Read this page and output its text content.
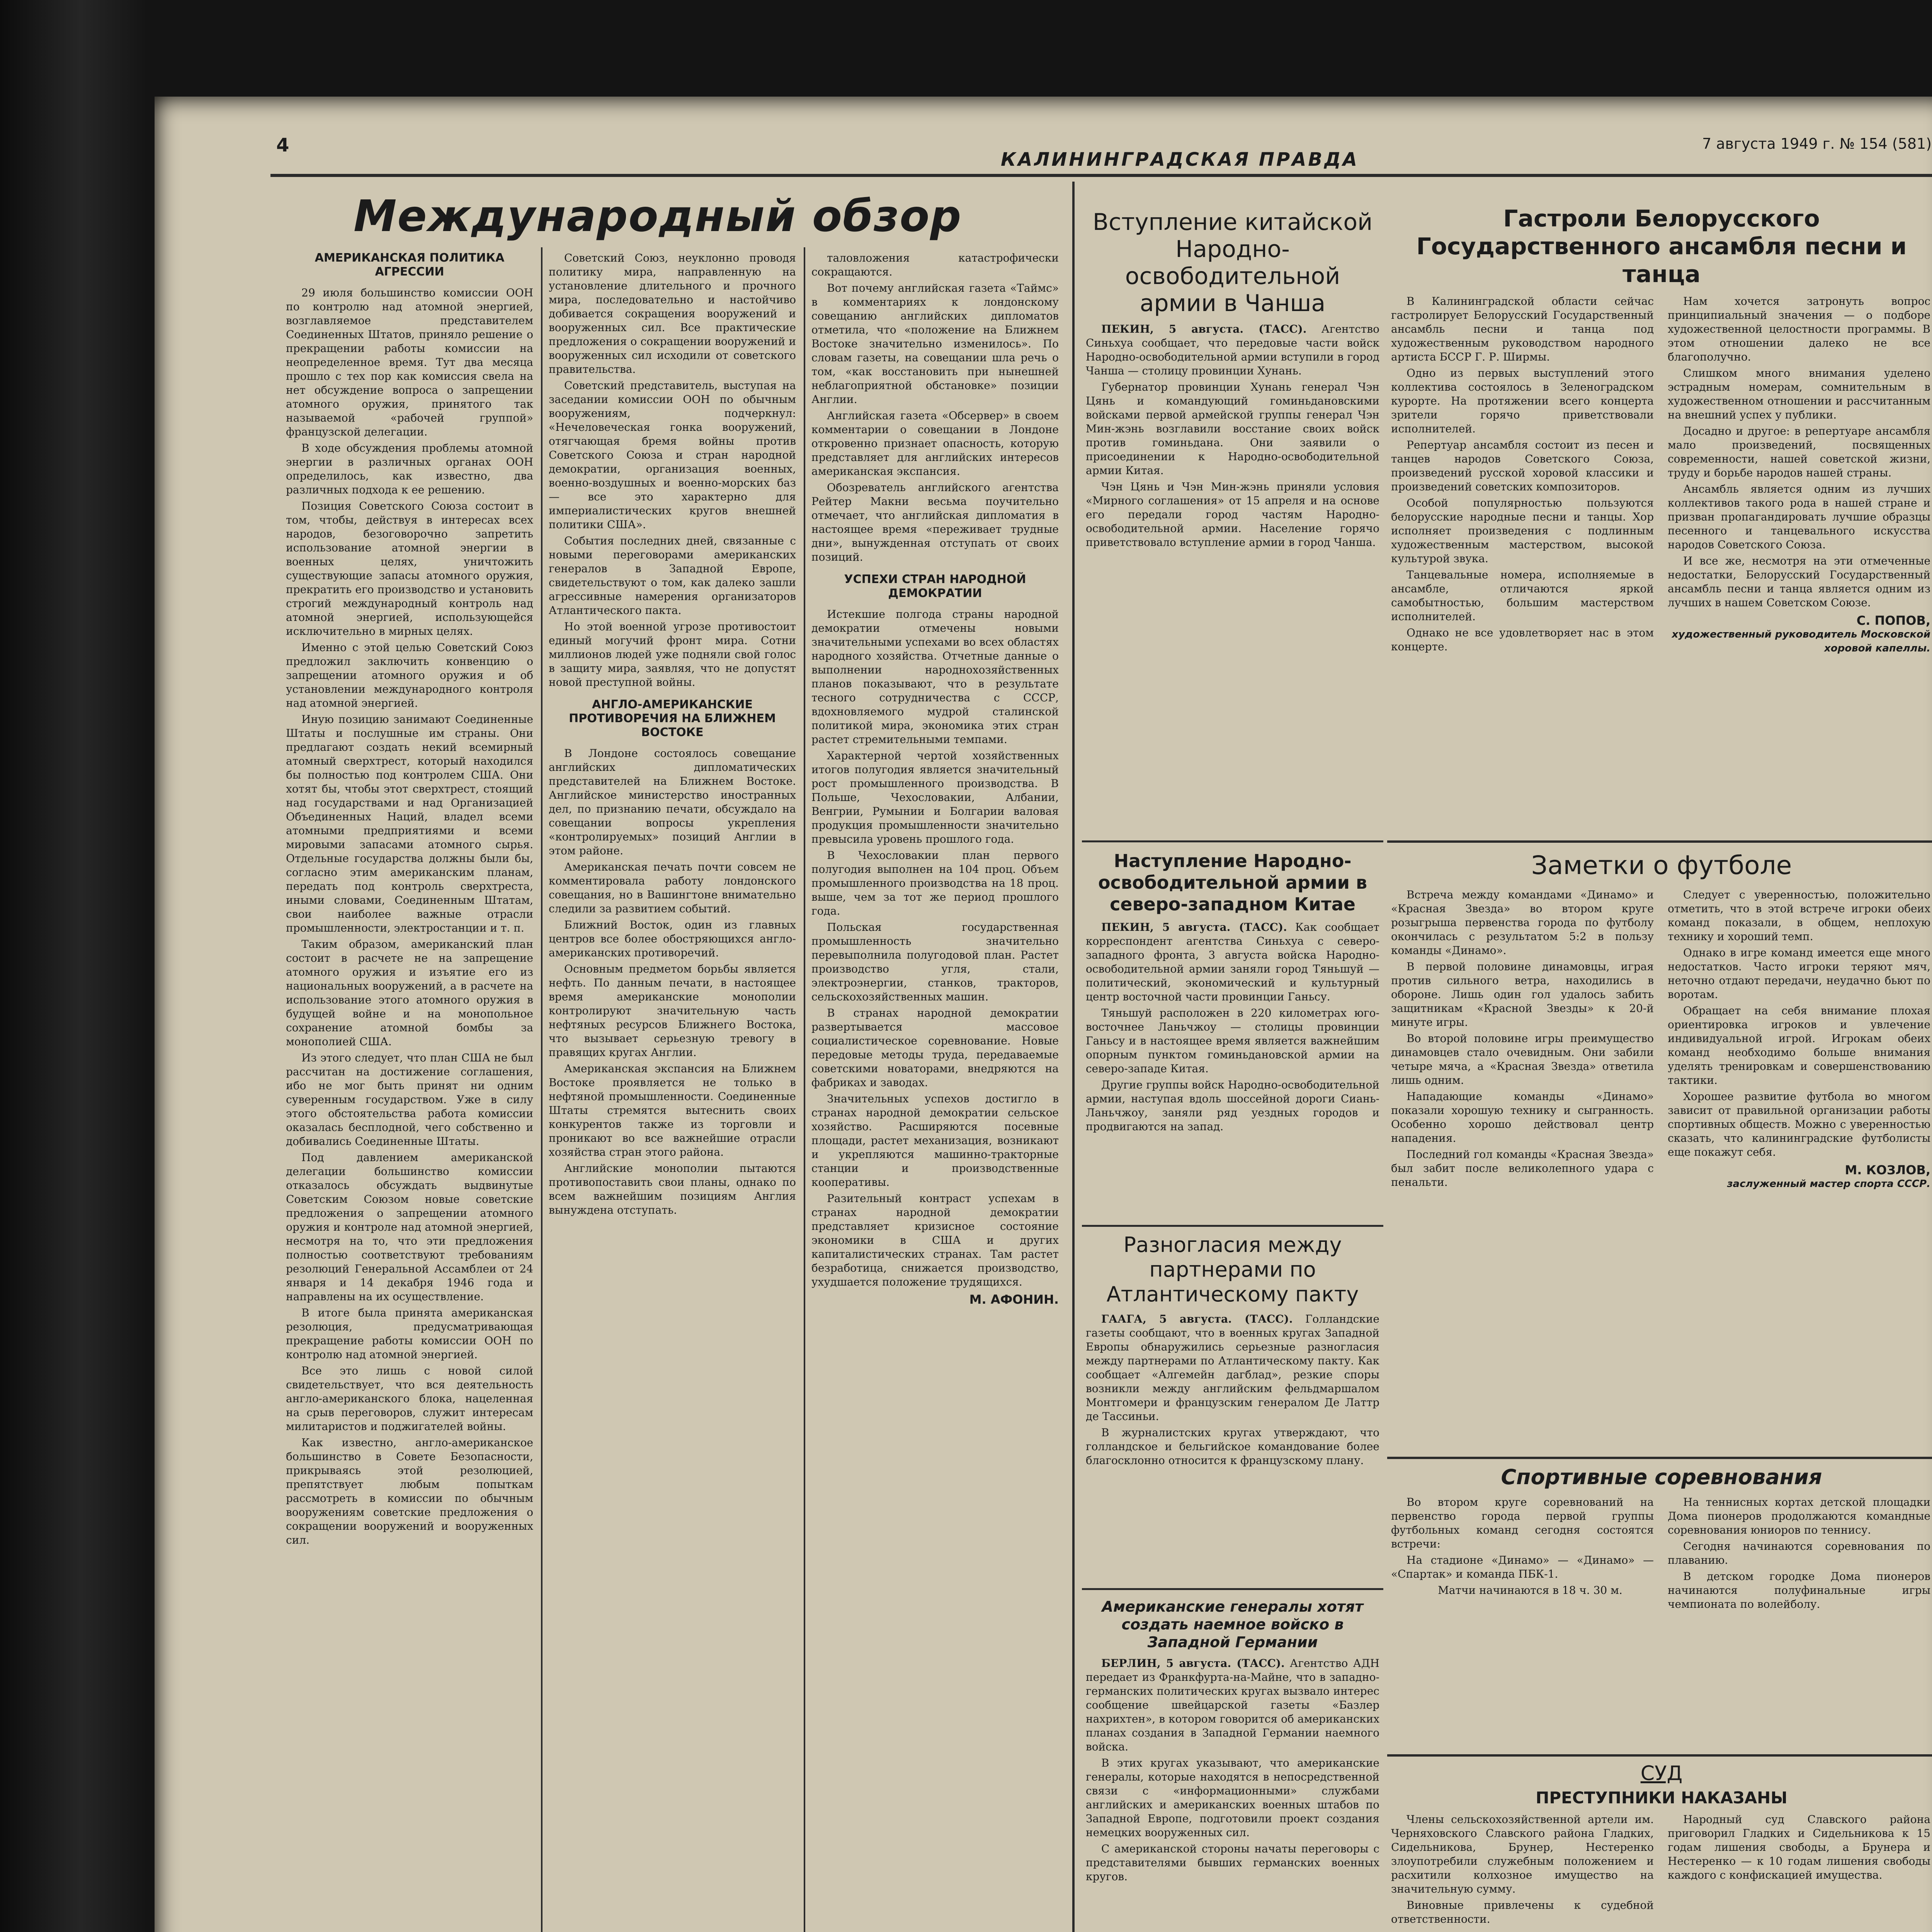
4
КАЛИНИНГРАДСКАЯ ПРАВДА
7 августа 1949 г. № 154 (581)
Международный обзор
АМЕРИКАНСКАЯ ПОЛИТИКА АГРЕССИИ

29 июля большинство комиссии ООН по контролю над атомной энергией, возглавляемое представителем Соединенных Штатов, приняло решение о прекращении работы комиссии на неопределенное время. Тут два месяца прошло с тех пор как комиссия свела на нет обсуждение вопроса о запрещении атомного оружия, принятого так называемой «рабочей группой» французской делегации.

В ходе обсуждения проблемы атомной энергии в различных органах ООН определилось, как известно, два различных подхода к ее решению.

Позиция Советского Союза состоит в том, чтобы, действуя в интересах всех народов, безоговорочно запретить использование атомной энергии в военных целях, уничтожить существующие запасы атомного оружия, прекратить его производство и установить строгий международный контроль над атомной энергией, использующейся исключительно в мирных целях.

Именно с этой целью Советский Союз предложил заключить конвенцию о запрещении атомного оружия и об установлении международного контроля над атомной энергией.

Иную позицию занимают Соединенные Штаты и послушные им страны. Они предлагают создать некий всемирный атомный сверхтрест, который находился бы полностью под контролем США. Они хотят бы, чтобы этот сверхтрест, стоящий над государствами и над Организацией Объединенных Наций, владел всеми атомными предприятиями и всеми мировыми запасами атомного сырья. Отдельные государства должны были бы, согласно этим американским планам, передать под контроль сверхтреста, иными словами, Соединенным Штатам, свои наиболее важные отрасли промышленности, электростанции и т. п.

Таким образом, американский план состоит в расчете не на запрещение атомного оружия и изъятие его из национальных вооружений, а в расчете на использование этого атомного оружия в будущей войне и на монопольное сохранение атомной бомбы за монополией США.

Из этого следует, что план США не был рассчитан на достижение соглашения, ибо не мог быть принят ни одним суверенным государством. Уже в силу этого обстоятельства работа комиссии оказалась бесплодной, чего собственно и добивались Соединенные Штаты.

Под давлением американской делегации большинство комиссии отказалось обсуждать выдвинутые Советским Союзом новые советские предложения о запрещении атомного оружия и контроле над атомной энергией, несмотря на то, что эти предложения полностью соответствуют требованиям резолюций Генеральной Ассамблеи от 24 января и 14 декабря 1946 года и направлены на их осуществление.

В итоге была принята американская резолюция, предусматривающая прекращение работы комиссии ООН по контролю над атомной энергией.

Все это лишь с новой силой свидетельствует, что вся деятельность англо-американского блока, нацеленная на срыв переговоров, служит интересам милитаристов и поджигателей войны.

Как известно, англо-американское большинство в Совете Безопасности, прикрываясь этой резолюцией, препятствует любым попыткам рассмотреть в комиссии по обычным вооружениям советские предложения о сокращении вооружений и вооруженных сил.

Советский Союз, неуклонно проводя политику мира, направленную на установление длительного и прочного мира, последовательно и настойчиво добивается сокращения вооружений и вооруженных сил. Все практические предложения о сокращении вооружений и вооруженных сил исходили от советского правительства.

Советский представитель, выступая на заседании комиссии ООН по обычным вооружениям, подчеркнул: «Нечеловеческая гонка вооружений, отягчающая бремя войны против Советского Союза и стран народной демократии, организация военных, военно-воздушных и военно-морских баз — все это характерно для империалистических кругов внешней политики США».

События последних дней, связанные с новыми переговорами американских генералов в Западной Европе, свидетельствуют о том, как далеко зашли агрессивные намерения организаторов Атлантического пакта.

Но этой военной угрозе противостоит единый могучий фронт мира. Сотни миллионов людей уже подняли свой голос в защиту мира, заявляя, что не допустят новой преступной войны.

АНГЛО-АМЕРИКАНСКИЕ ПРОТИВОРЕЧИЯ НА БЛИЖНЕМ ВОСТОКЕ

В Лондоне состоялось совещание английских дипломатических представителей на Ближнем Востоке. Английское министерство иностранных дел, по признанию печати, обсуждало на совещании вопросы укрепления «контролируемых» позиций Англии в этом районе.

Американская печать почти совсем не комментировала работу лондонского совещания, но в Вашингтоне внимательно следили за развитием событий.

Ближний Восток, один из главных центров все более обостряющихся англо-американских противоречий.

Основным предметом борьбы является нефть. По данным печати, в настоящее время американские монополии контролируют значительную часть нефтяных ресурсов Ближнего Востока, что вызывает серьезную тревогу в правящих кругах Англии.

Американская экспансия на Ближнем Востоке проявляется не только в нефтяной промышленности. Соединенные Штаты стремятся вытеснить своих конкурентов также из торговли и проникают во все важнейшие отрасли хозяйства стран этого района.

Английские монополии пытаются противопоставить свои планы, однако по всем важнейшим позициям Англия вынуждена отступать.

таловложения катастрофически сокращаются.

Вот почему английская газета «Таймс» в комментариях к лондонскому совещанию английских дипломатов отметила, что «положение на Ближнем Востоке значительно изменилось». По словам газеты, на совещании шла речь о том, «как восстановить при нынешней неблагоприятной обстановке» позиции Англии.

Английская газета «Обсервер» в своем комментарии о совещании в Лондоне откровенно признает опасность, которую представляет для английских интересов американская экспансия.

Обозреватель английского агентства Рейтер Макни весьма поучительно отмечает, что английская дипломатия в настоящее время «переживает трудные дни», вынужденная отступать от своих позиций.

УСПЕХИ СТРАН НАРОДНОЙ ДЕМОКРАТИИ

Истекшие полгода страны народной демократии отмечены новыми значительными успехами во всех областях народного хозяйства. Отчетные данные о выполнении народнохозяйственных планов показывают, что в результате тесного сотрудничества с СССР, вдохновляемого мудрой сталинской политикой мира, экономика этих стран растет стремительными темпами.

Характерной чертой хозяйственных итогов полугодия является значительный рост промышленного производства. В Польше, Чехословакии, Албании, Венгрии, Румынии и Болгарии валовая продукция промышленности значительно превысила уровень прошлого года.

В Чехословакии план первого полугодия выполнен на 104 проц. Объем промышленного производства на 18 проц. выше, чем за тот же период прошлого года.

Польская государственная промышленность значительно перевыполнила полугодовой план. Растет производство угля, стали, электроэнергии, станков, тракторов, сельскохозяйственных машин.

В странах народной демократии развертывается массовое социалистическое соревнование. Новые передовые методы труда, передаваемые советскими новаторами, внедряются на фабриках и заводах.

Значительных успехов достигло в странах народной демократии сельское хозяйство. Расширяются посевные площади, растет механизация, возникают и укрепляются машинно-тракторные станции и производственные кооперативы.

Разительный контраст успехам в странах народной демократии представляет кризисное состояние экономики в США и других капиталистических странах. Там растет безработица, снижается производство, ухудшается положение трудящихся.

М. АФОНИН.
Вступление китайской Народно-освободительной армии в Чанша

ПЕКИН, 5 августа. (ТАСС). Агентство Синьхуа сообщает, что передовые части войск Народно-освободительной армии вступили в город Чанша — столицу провинции Хунань.

Губернатор провинции Хунань генерал Чэн Цянь и командующий гоминьдановскими войсками первой армейской группы генерал Чэн Мин-жэнь возглавили восстание своих войск против гоминьдана. Они заявили о присоединении к Народно-освободительной армии Китая.

Чэн Цянь и Чэн Мин-жэнь приняли условия «Мирного соглашения» от 15 апреля и на основе его передали город частям Народно-освободительной армии. Население горячо приветствовало вступление армии в город Чанша.

Наступление Народно-освободительной армии в северо-западном Китае

ПЕКИН, 5 августа. (ТАСС). Как сообщает корреспондент агентства Синьхуа с северо-западного фронта, 3 августа войска Народно-освободительной армии заняли город Тяньшуй — политический, экономический и культурный центр восточной части провинции Ганьсу.

Тяньшуй расположен в 220 километрах юго-восточнее Ланьчжоу — столицы провинции Ганьсу и в настоящее время является важнейшим опорным пунктом гоминьдановской армии на северо-западе Китая.

Другие группы войск Народно-освободительной армии, наступая вдоль шоссейной дороги Сиань-Ланьчжоу, заняли ряд уездных городов и продвигаются на запад.

Разногласия между партнерами по Атлантическому пакту

ГААГА, 5 августа. (ТАСС). Голландские газеты сообщают, что в военных кругах Западной Европы обнаружились серьезные разногласия между партнерами по Атлантическому пакту. Как сообщает «Алгемейн дагблад», резкие споры возникли между английским фельдмаршалом Монтгомери и французским генералом Де Латтр де Тассиньи.

В журналистских кругах утверждают, что голландское и бельгийское командование более благосклонно относится к французскому плану.

Американские генералы хотят создать наемное войско в Западной Германии

БЕРЛИН, 5 августа. (ТАСС). Агентство АДН передает из Франкфурта-на-Майне, что в западно-германских политических кругах вызвало интерес сообщение швейцарской газеты «Базлер нахрихтен», в котором говорится об американских планах создания в Западной Германии наемного войска.

В этих кругах указывают, что американские генералы, которые находятся в непосредственной связи с «информационными» службами английских и американских военных штабов по Западной Европе, подготовили проект создания немецких вооруженных сил.

С американской стороны начаты переговоры с представителями бывших германских военных кругов.

Гастроли Белорусского Государственного ансамбля песни и танца

В Калининградской области сейчас гастролирует Белорусский Государственный ансамбль песни и танца под художественным руководством народного артиста БССР Г. Р. Ширмы.

Одно из первых выступлений этого коллектива состоялось в Зеленоградском курорте. На протяжении всего концерта зрители горячо приветствовали исполнителей.

Репертуар ансамбля состоит из песен и танцев народов Советского Союза, произведений русской хоровой классики и произведений советских композиторов.

Особой популярностью пользуются белорусские народные песни и танцы. Хор исполняет произведения с подлинным художественным мастерством, высокой культурой звука.

Танцевальные номера, исполняемые в ансамбле, отличаются яркой самобытностью, большим мастерством исполнителей.

Однако не все удовлетворяет нас в этом концерте.

Нам хочется затронуть вопрос принципиальный значения — о подборе художественной целостности программы. В этом отношении далеко не все благополучно.

Слишком много внимания уделено эстрадным номерам, сомнительным в художественном отношении и рассчитанным на внешний успех у публики.

Досадно и другое: в репертуаре ансамбля мало произведений, посвященных современности, нашей советской жизни, труду и борьбе народов нашей страны.

Ансамбль является одним из лучших коллективов такого рода в нашей стране и призван пропагандировать лучшие образцы песенного и танцевального искусства народов Советского Союза.

И все же, несмотря на эти отмеченные недостатки, Белорусский Государственный ансамбль песни и танца является одним из лучших в нашем Советском Союзе.

С. ПОПОВ,
художественный руководитель Московской хоровой капеллы.
Заметки о футболе

Встреча между командами «Динамо» и «Красная Звезда» во втором круге розыгрыша первенства города по футболу окончилась с результатом 5:2 в пользу команды «Динамо».

В первой половине динамовцы, играя против сильного ветра, находились в обороне. Лишь один гол удалось забить защитникам «Красной Звезды» к 20-й минуте игры.

Во второй половине игры преимущество динамовцев стало очевидным. Они забили четыре мяча, а «Красная Звезда» ответила лишь одним.

Нападающие команды «Динамо» показали хорошую технику и сыгранность. Особенно хорошо действовал центр нападения.

Последний гол команды «Красная Звезда» был забит после великолепного удара с пенальти.

Следует с уверенностью, положительно отметить, что в этой встрече игроки обеих команд показали, в общем, неплохую технику и хороший темп.

Однако в игре команд имеется еще много недостатков. Часто игроки теряют мяч, неточно отдают передачи, неудачно бьют по воротам.

Обращает на себя внимание плохая ориентировка игроков и увлечение индивидуальной игрой. Игрокам обеих команд необходимо больше внимания уделять тренировкам и совершенствованию тактики.

Хорошее развитие футбола во многом зависит от правильной организации работы спортивных обществ. Можно с уверенностью сказать, что калининградские футболисты еще покажут себя.

М. КОЗЛОВ,
заслуженный мастер спорта СССР.
Спортивные соревнования

Во втором круге соревнований на первенство города первой группы футбольных команд сегодня состоятся встречи:

На стадионе «Динамо» — «Динамо» — «Спартак» и команда ПБК-1.

Матчи начинаются в 18 ч. 30 м.

На теннисных кортах детской площадки Дома пионеров продолжаются командные соревнования юниоров по теннису.

Сегодня начинаются соревнования по плаванию.

В детском городке Дома пионеров начинаются полуфинальные игры чемпионата по волейболу.

СУД
ПРЕСТУПНИКИ НАКАЗАНЫ

Члены сельскохозяйственной артели им. Черняховского Славского района Гладких, Сидельникова, Брунер, Нестеренко злоупотребили служебным положением и расхитили колхозное имущество на значительную сумму.

Виновные привлечены к судебной ответственности.

Народный суд Славского района приговорил Гладких и Сидельникова к 15 годам лишения свободы, а Брунера и Нестеренко — к 10 годам лишения свободы каждого с конфискацией имущества.
